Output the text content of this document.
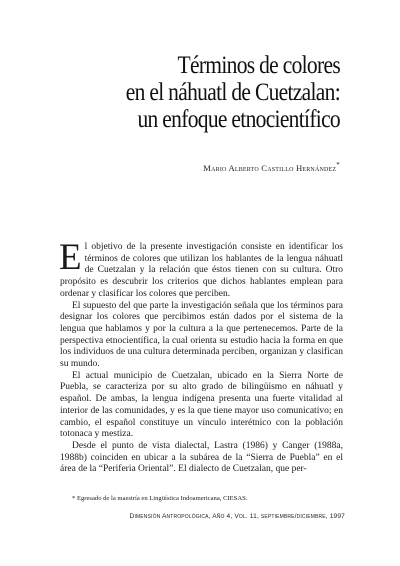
Términos de colores
en el náhuatl de Cuetzalan:
un enfoque etnocientífico
Mario Alberto Castillo Hernández*

El objetivo de la presente investigación consiste en identificar los términos de colores que utilizan los hablantes de la lengua náhuatl de Cuetzalan y la relación que éstos tienen con su cultura. Otro propósito es descubrir los criterios que dichos hablantes emplean para ordenar y clasificar los colores que perciben.

El supuesto del que parte la investigación señala que los términos para designar los colores que percibimos están dados por el sistema de la lengua que hablamos y por la cultura a la que pertenecemos. Parte de la perspectiva etnocientífica, la cual orienta su estudio hacia la forma en que los individuos de una cultura determinada perciben, organizan y clasifican su mundo.

El actual municipio de Cuetzalan, ubicado en la Sierra Norte de Puebla, se caracteriza por su alto grado de bilingüismo en náhuatl y español. De ambas, la lengua indígena presenta una fuerte vitalidad al interior de las comunidades, y es la que tiene mayor uso comunicativo; en cambio, el español constituye un vínculo interétnico con la población totonaca y mestiza.

Desde el punto de vista dialectal, Lastra (1986) y Canger (1988a, 1988b) coinciden en ubicar a la subárea de la “Sierra de Puebla” en el área de la “Periferia Oriental”. El dialecto de Cuetzalan, que per-

* Egresado de la maestría en Lingüística Indoamericana, CIESAS.
Dimensión Antropológica, Año 4, Vol. 11, septiembre/diciembre, 1997
